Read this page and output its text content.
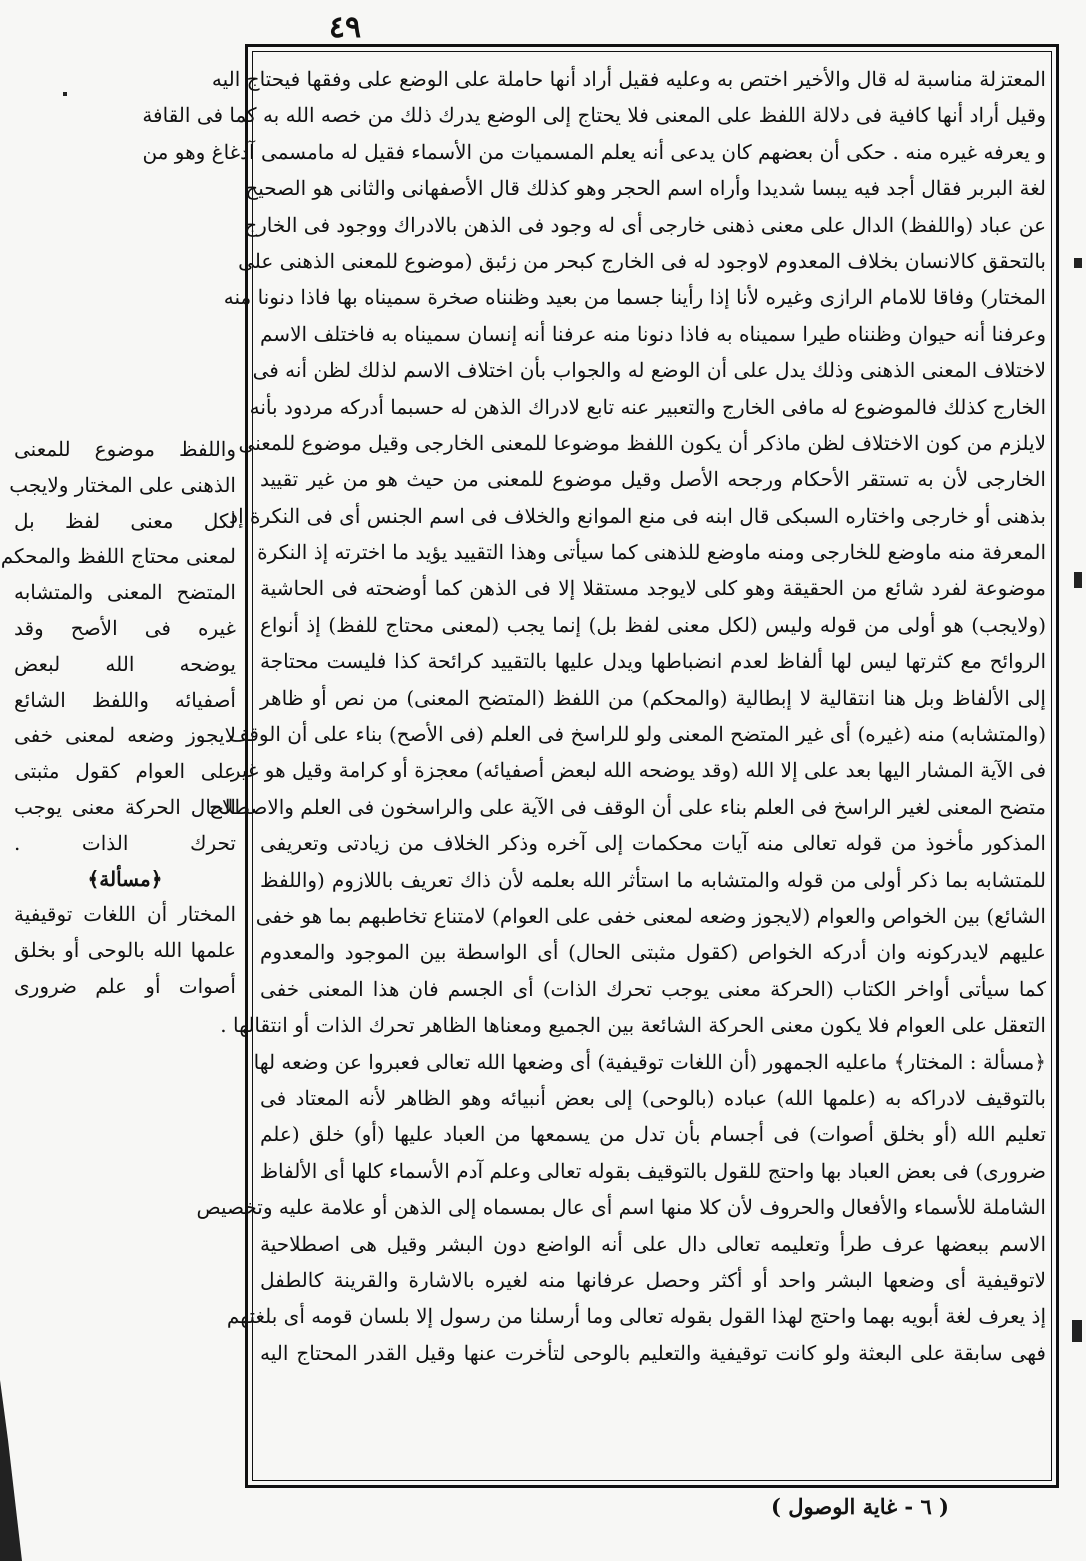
٤٩
المعتزلة مناسبة له قال والأخير اختص به وعليه فقيل أراد أنها حاملة على الوضع على وفقها فيحتاج اليه
وقيل أراد أنها كافية فى دلالة اللفظ على المعنى فلا يحتاج إلى الوضع يدرك ذلك من خصه الله به كما فى القافة
و يعرفه غيره منه . حكى أن بعضهم كان يدعى أنه يعلم المسميات من الأسماء فقيل له مامسمى آدغاغ وهو من
لغة البربر فقال أجد فيه يبسا شديدا وأراه اسم الحجر وهو كذلك قال الأصفهانى والثانى هو الصحيح
عن عباد (واللفظ) الدال على معنى ذهنى خارجى أى له وجود فى الذهن بالادراك ووجود فى الخارج
بالتحقق كالانسان بخلاف المعدوم لاوجود له فى الخارج كبحر من زئبق (موضوع للمعنى الذهنى على
المختار) وفاقا للامام الرازى وغيره لأنا إذا رأينا جسما من بعيد وظنناه صخرة سميناه بها فاذا دنونا منه
وعرفنا أنه حيوان وظنناه طيرا سميناه به فاذا دنونا منه عرفنا أنه إنسان سميناه به فاختلف الاسم
لاختلاف المعنى الذهنى وذلك يدل على أن الوضع له والجواب بأن اختلاف الاسم لذلك لظن أنه فى
الخارج كذلك فالموضوع له مافى الخارج والتعبير عنه تابع لادراك الذهن له حسبما أدركه مردود بأنه
لايلزم من كون الاختلاف لظن ماذكر أن يكون اللفظ موضوعا للمعنى الخارجى وقيل موضوع للمعنى
الخارجى لأن به تستقر الأحكام ورجحه الأصل وقيل موضوع للمعنى من حيث هو من غير تقييد
بذهنى أو خارجى واختاره السبكى قال ابنه فى منع الموانع والخلاف فى اسم الجنس أى فى النكرة إذ
المعرفة منه ماوضع للخارجى ومنه ماوضع للذهنى كما سيأتى وهذا التقييد يؤيد ما اخترته إذ النكرة
موضوعة لفرد شائع من الحقيقة وهو كلى لايوجد مستقلا إلا فى الذهن كما أوضحته فى الحاشية
(ولايجب) هو أولى من قوله وليس (لكل معنى لفظ بل) إنما يجب (لمعنى محتاج للفظ) إذ أنواع
الروائح مع كثرتها ليس لها ألفاظ لعدم انضباطها ويدل عليها بالتقييد كرائحة كذا فليست محتاجة
إلى الألفاظ وبل هنا انتقالية لا إبطالية (والمحكم) من اللفظ (المتضح المعنى) من نص أو ظاهر
(والمتشابه) منه (غيره) أى غير المتضح المعنى ولو للراسخ فى العلم (فى الأصح) بناء على أن الوقف
فى الآية المشار اليها بعد على إلا الله (وقد يوضحه الله لبعض أصفيائه) معجزة أو كرامة وقيل هو غير
متضح المعنى لغير الراسخ فى العلم بناء على أن الوقف فى الآية على والراسخون فى العلم والاصطلاح
المذكور مأخوذ من قوله تعالى منه آيات محكمات إلى آخره وذكر الخلاف من زيادتى وتعريفى
للمتشابه بما ذكر أولى من قوله والمتشابه ما استأثر الله بعلمه لأن ذاك تعريف باللازوم (واللفظ
الشائع) بين الخواص والعوام (لايجوز وضعه لمعنى خفى على العوام) لامتناع تخاطبهم بما هو خفى
عليهم لايدركونه وان أدركه الخواص (كقول مثبتى الحال) أى الواسطة بين الموجود والمعدوم
كما سيأتى أواخر الكتاب (الحركة معنى يوجب تحرك الذات) أى الجسم فان هذا المعنى خفى
التعقل على العوام فلا يكون معنى الحركة الشائعة بين الجميع ومعناها الظاهر تحرك الذات أو انتقالها .
﴿مسألة : المختار﴾ ماعليه الجمهور (أن اللغات توقيفية) أى وضعها الله تعالى فعبروا عن وضعه لها
بالتوقيف لادراكه به (علمها الله) عباده (بالوحى) إلى بعض أنبيائه وهو الظاهر لأنه المعتاد فى
تعليم الله (أو بخلق أصوات) فى أجسام بأن تدل من يسمعها من العباد عليها (أو) خلق (علم
ضرورى) فى بعض العباد بها واحتج للقول بالتوقيف بقوله تعالى وعلم آدم الأسماء كلها أى الألفاظ
الشاملة للأسماء والأفعال والحروف لأن كلا منها اسم أى عال بمسماه إلى الذهن أو علامة عليه وتخصيص
الاسم ببعضها عرف طرأ وتعليمه تعالى دال على أنه الواضع دون البشر وقيل هى اصطلاحية
لاتوقيفية أى وضعها البشر واحد أو أكثر وحصل عرفانها منه لغيره بالاشارة والقرينة كالطفل
إذ يعرف لغة أبويه بهما واحتج لهذا القول بقوله تعالى وما أرسلنا من رسول إلا بلسان قومه أى بلغتهم
فهى سابقة على البعثة ولو كانت توقيفية والتعليم بالوحى لتأخرت عنها وقيل القدر المحتاج اليه
واللفظ موضوع للمعنى
الذهنى على المختار ولايجب
لكل معنى لفظ بل
لمعنى محتاج اللفظ والمحكم
المتضح المعنى والمتشابه
غيره فى الأصح وقد
يوضحه الله لبعض
أصفيائه واللفظ الشائع
لايجوز وضعه لمعنى خفى
على العوام كقول مثبتى
الحال الحركة معنى يوجب
تحرك الذات .
﴿مسألة﴾
المختار أن اللغات توقيفية
علمها الله بالوحى أو بخلق
أصوات أو علم ضرورى
( ٦ - غاية الوصول )
